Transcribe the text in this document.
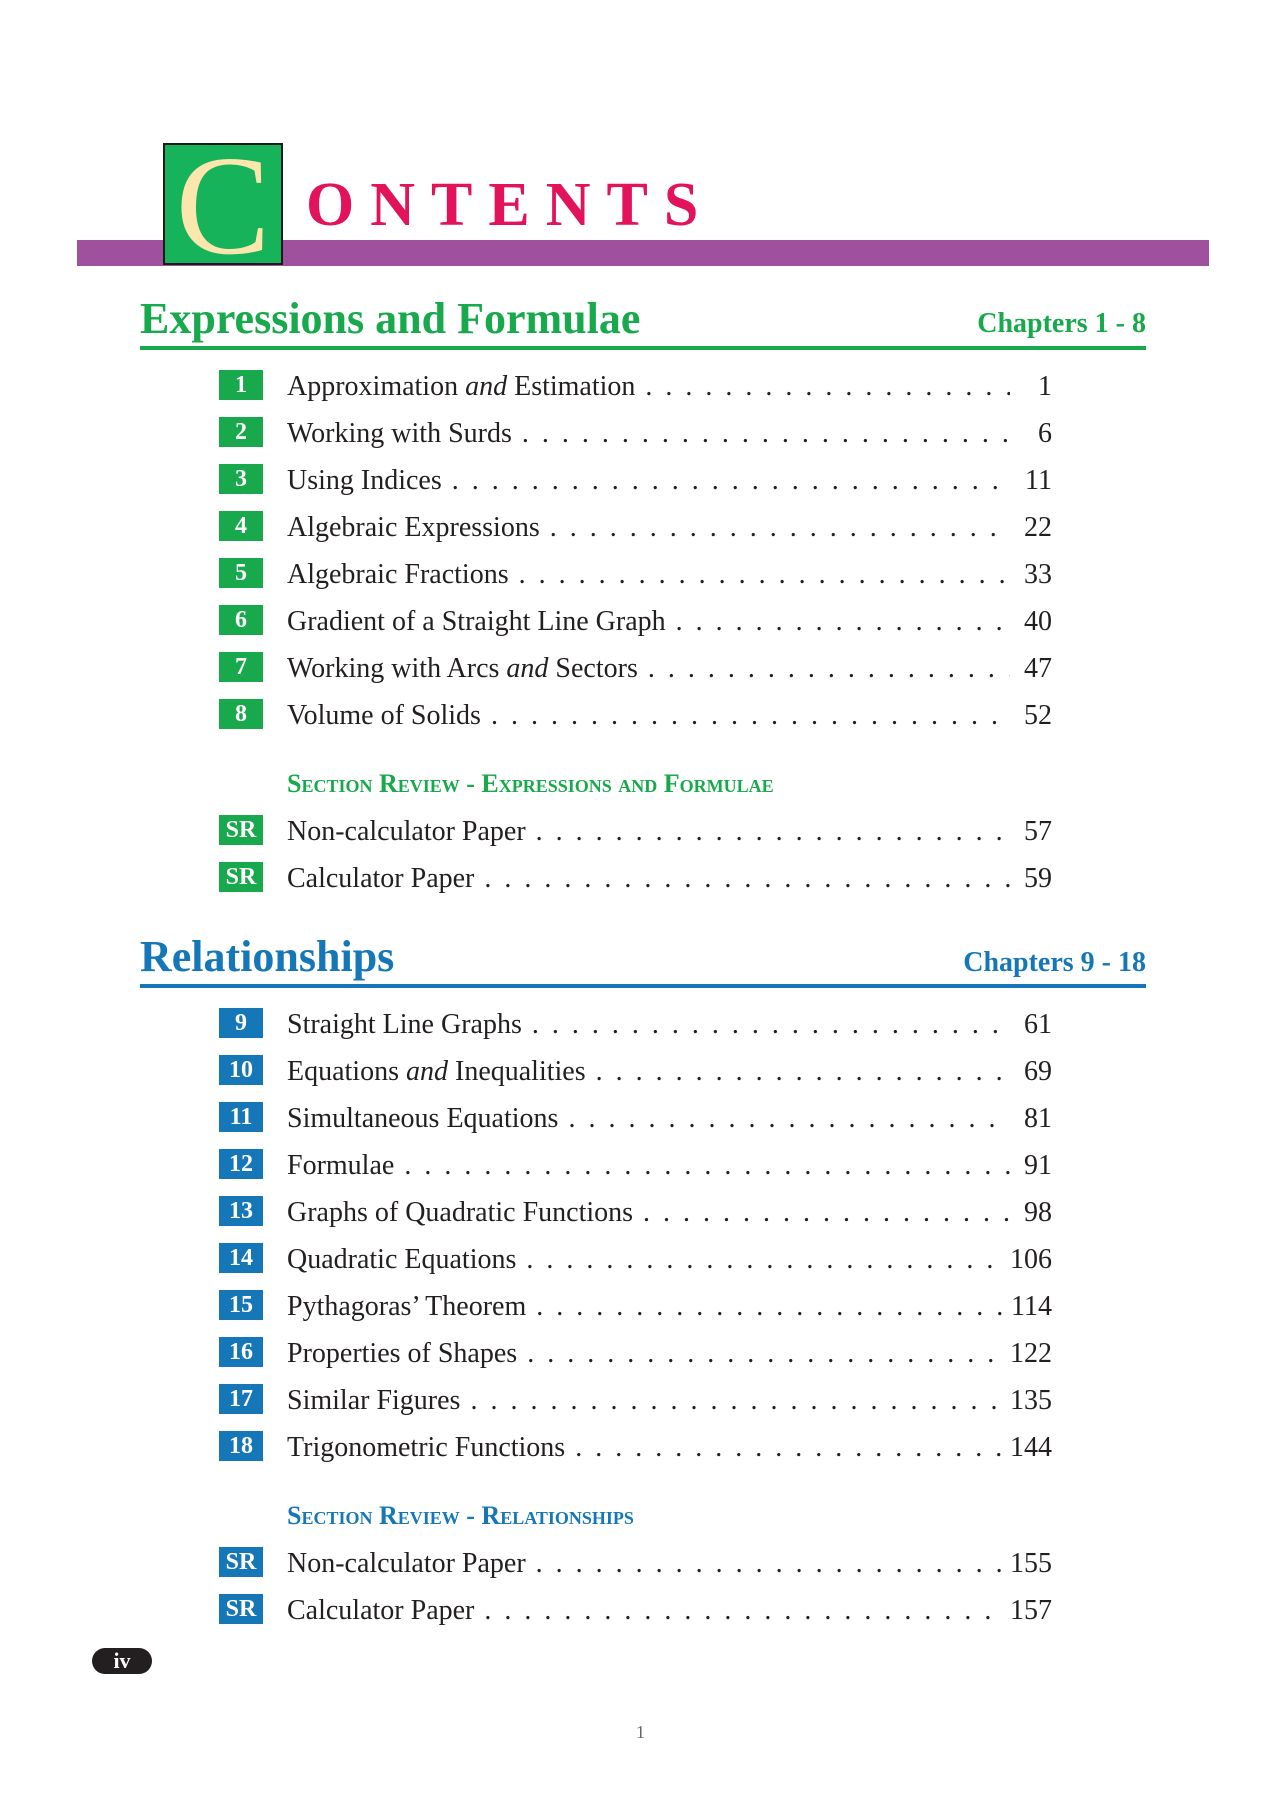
C ONTENTS
Expressions and Formulae	Chapters 1 - 8
1	Approximation and Estimation . . .	1
2	Working with Surds . . .	6
3	Using Indices . . .	11
4	Algebraic Expressions . . .	22
5	Algebraic Fractions . . .	33
6	Gradient of a Straight Line Graph . . .	40
7	Working with Arcs and Sectors . . .	47
8	Volume of Solids . . .	52
Section Review - Expressions and Formulae
SR Non-calculator Paper . . .	57
SR Calculator Paper . . .	59
Relationships	Chapters 9 - 18
9	Straight Line Graphs . . .	61
10	Equations and Inequalities . . .	69
11	Simultaneous Equations . . .	81
12	Formulae . . .	91
13	Graphs of Quadratic Functions . . .	98
14	Quadratic Equations . . .	106
15	Pythagoras’ Theorem . . .	114
16	Properties of Shapes . . .	122
17	Similar Figures . . .	135
18	Trigonometric Functions . . .	144
Section Review - Relationships
SR Non-calculator Paper . . .	155
SR Calculator Paper . . .	157
iv
1
